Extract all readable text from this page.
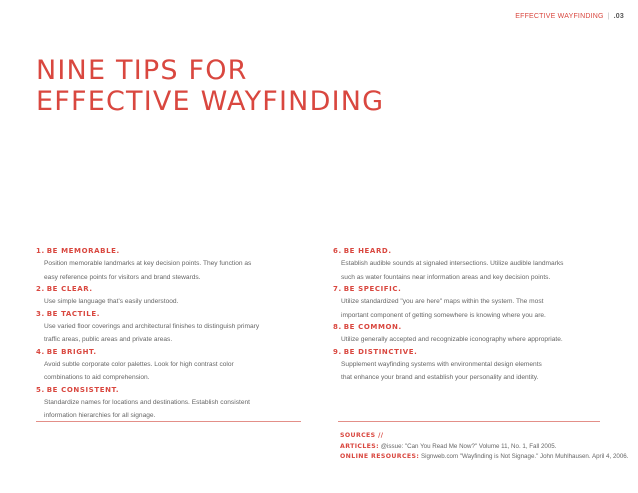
EFFECTIVE WAYFINDING | .03
NINE TIPS FOR
EFFECTIVE WAYFINDING
1. BE MEMORABLE.
Position memorable landmarks at key decision points. They function as
easy reference points for visitors and brand stewards.
2. BE CLEAR.
Use simple language that’s easily understood.
3. BE TACTILE.
Use varied floor coverings and architectural finishes to distinguish primary
traffic areas, public areas and private areas.
4. BE BRIGHT.
Avoid subtle corporate color palettes. Look for high contrast color
combinations to aid comprehension.
5. BE CONSISTENT.
Standardize names for locations and destinations. Establish consistent
information hierarchies for all signage.
6. BE HEARD.
Establish audible sounds at signaled intersections. Utilize audible landmarks
such as water fountains near information areas and key decision points.
7. BE SPECIFIC.
Utilize standardized "you are here" maps within the system. The most
important component of getting somewhere is knowing where you are.
8. BE COMMON.
Utilize generally accepted and recognizable iconography where appropriate.
9. BE DISTINCTIVE.
Supplement wayfinding systems with environmental design elements
that enhance your brand and establish your personality and identity.
SOURCES //
ARTICLES: @issue: "Can You Read Me Now?" Volume 11, No. 1, Fall 2005.
ONLINE RESOURCES: Signweb.com "Wayfinding is Not Signage." John Muhlhausen. April 4, 2006.
